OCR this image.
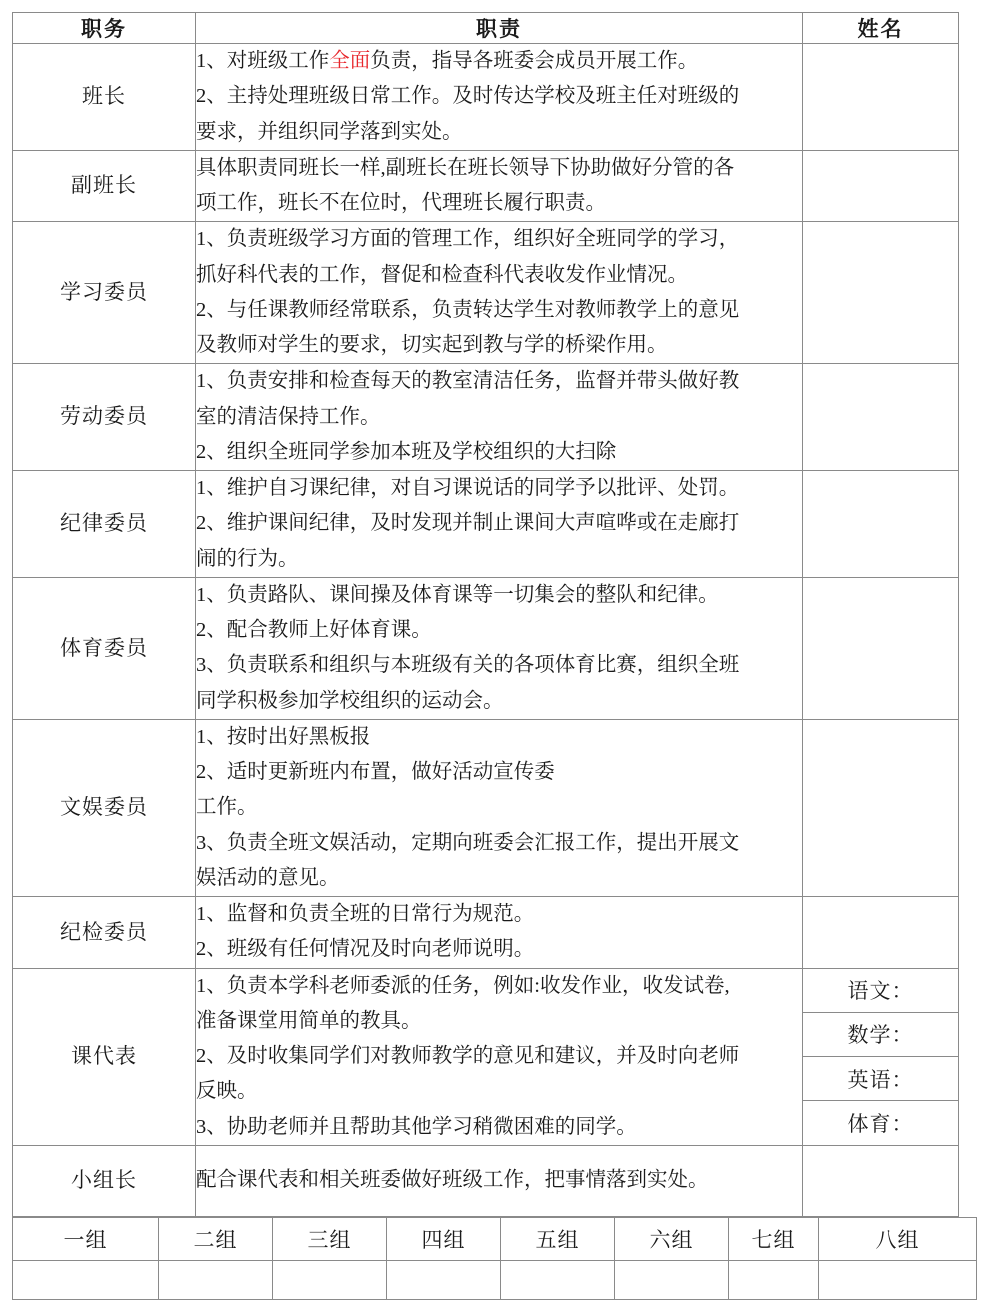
职务	职责	姓名
班长	1、对班级工作全面负责，指导各班委会成员开展工作。

2、主持处理班级日常工作。及时传达学校及班主任对班级的

要求，并组织同学落到实处。	

副班长	具体职责同班长一样,副班长在班长领导下协助做好分管的各

项工作，班长不在位时，代理班长履行职责。	

学习委员	1、负责班级学习方面的管理工作，组织好全班同学的学习，

抓好科代表的工作，督促和检查科代表收发作业情况。

2、与任课教师经常联系，负责转达学生对教师教学上的意见

及教师对学生的要求，切实起到教与学的桥梁作用。	

劳动委员	1、负责安排和检查每天的教室清洁任务，监督并带头做好教

室的清洁保持工作。

2、组织全班同学参加本班及学校组织的大扫除	

纪律委员	1、维护自习课纪律，对自习课说话的同学予以批评、处罚。

2、维护课间纪律，及时发现并制止课间大声喧哗或在走廊打

闹的行为。	

体育委员	1、负责路队、课间操及体育课等一切集会的整队和纪律。

2、配合教师上好体育课。

3、负责联系和组织与本班级有关的各项体育比赛，组织全班

同学积极参加学校组织的运动会。	

文娱委员	1、按时出好黑板报

2、适时更新班内布置，做好活动宣传委

工作。

3、负责全班文娱活动，定期向班委会汇报工作，提出开展文

娱活动的意见。	

纪检委员	1、监督和负责全班的日常行为规范。

2、班级有任何情况及时向老师说明。	

课代表	1、负责本学科老师委派的任务，例如:收发作业，收发试卷,

准备课堂用简单的教具。

2、及时收集同学们对教师教学的意见和建议，并及时向老师

反映。

3、协助老师并且帮助其他学习稍微困难的同学。	语文：
		数学：
		英语：
		体育：
小组长	配合课代表和相关班委做好班级工作，把事情落到实处。	

一组	二组	三组	四组	五组	六组	七组	八组
